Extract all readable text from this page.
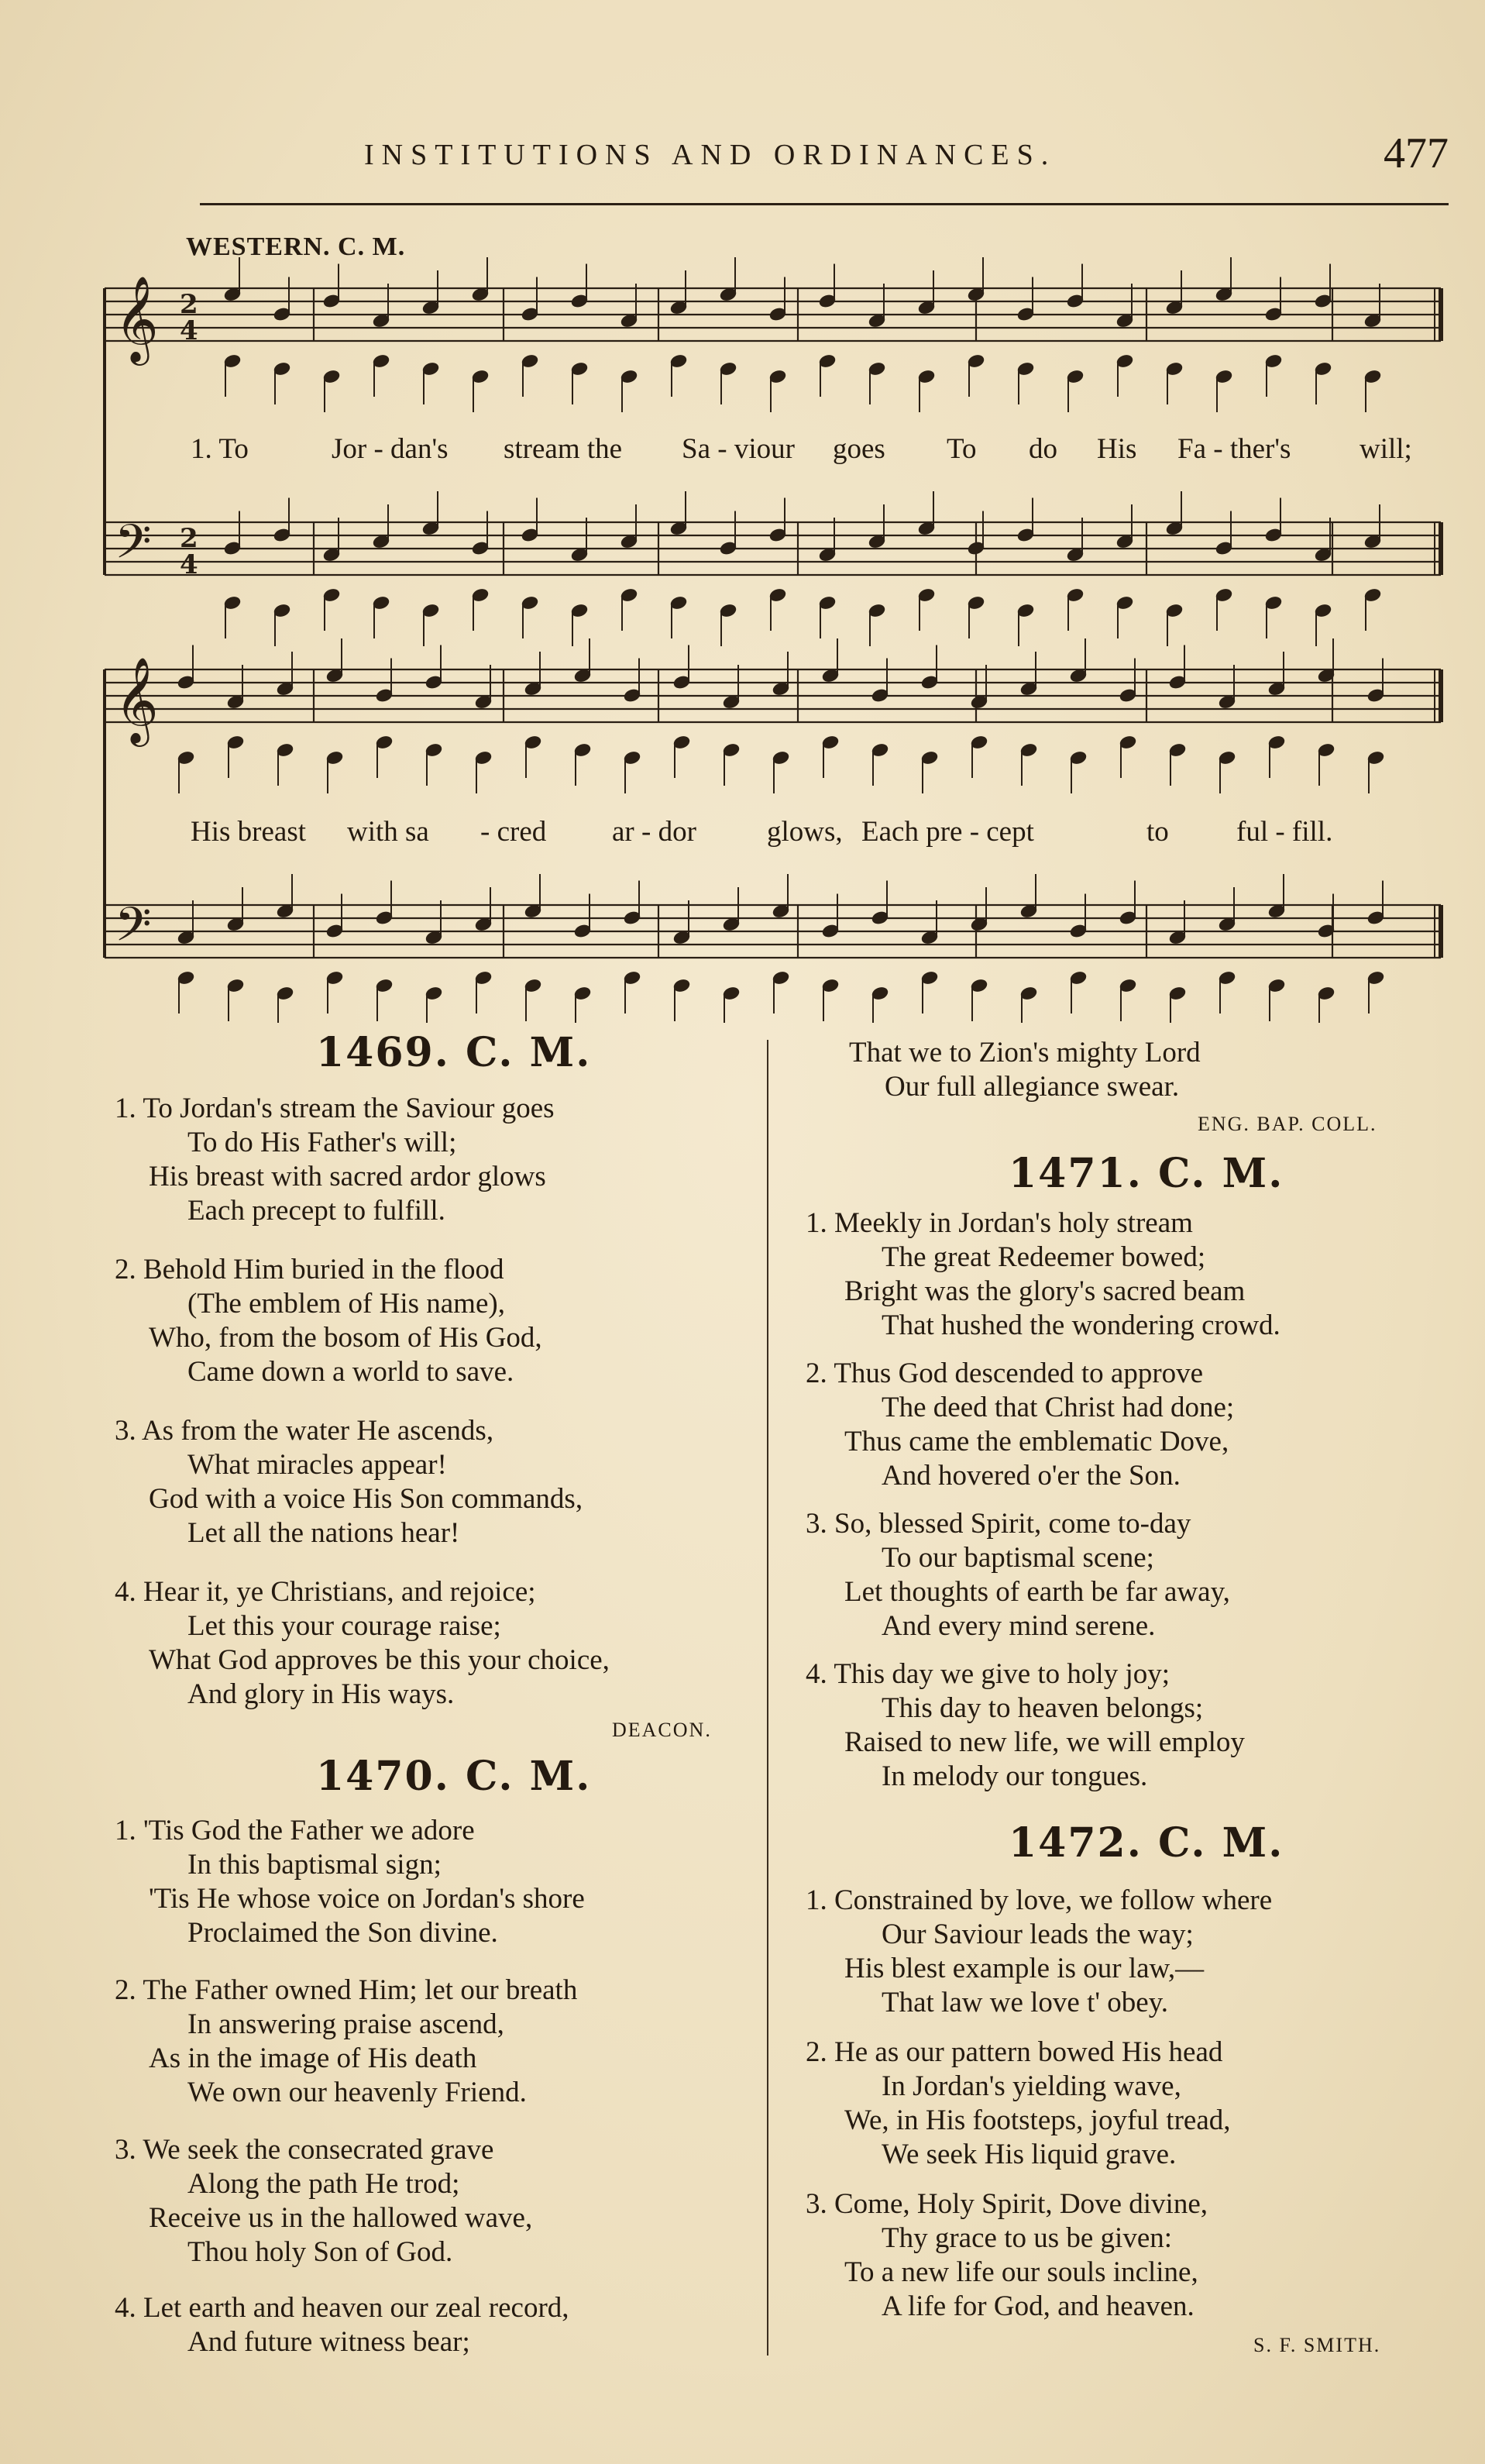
INSTITUTIONS AND ORDINANCES.	477
WESTERN. C. M.
𝄞
𝄞
𝄢
𝄢
2
4
2
4
1. To	Jor - dan's stream the Sa - viour goes To do His Fa - ther's will;
His breast with sa - cred ar - dor glows, Each pre - cept	to ful - fill.
1469. C. M.
1. To Jordan's stream the Saviour goes
To do His Father's will;
His breast with sacred ardor glows
Each precept to fulfill.
2. Behold Him buried in the flood
(The emblem of His name),
Who, from the bosom of His God,
Came down a world to save.
3. As from the water He ascends,
What miracles appear!
God with a voice His Son commands,
Let all the nations hear!
4. Hear it, ye Christians, and rejoice;
Let this your courage raise;
What God approves be this your choice,
And glory in His ways.
DEACON.
1470. C. M.
1. 'Tis God the Father we adore
In this baptismal sign;
'Tis He whose voice on Jordan's shore
Proclaimed the Son divine.
2. The Father owned Him; let our breath
In answering praise ascend,
As in the image of His death
We own our heavenly Friend.
3. We seek the consecrated grave
Along the path He trod;
Receive us in the hallowed wave,
Thou holy Son of God.
4. Let earth and heaven our zeal record,
And future witness bear;
That we to Zion's mighty Lord
Our full allegiance swear.
ENG. BAP. COLL.
1471. C. M.
1. Meekly in Jordan's holy stream
The great Redeemer bowed;
Bright was the glory's sacred beam
That hushed the wondering crowd.
2. Thus God descended to approve
The deed that Christ had done;
Thus came the emblematic Dove,
And hovered o'er the Son.
3. So, blessed Spirit, come to-day
To our baptismal scene;
Let thoughts of earth be far away,
And every mind serene.
4. This day we give to holy joy;
This day to heaven belongs;
Raised to new life, we will employ
In melody our tongues.
1472. C. M.
1. Constrained by love, we follow where
Our Saviour leads the way;
His blest example is our law,—
That law we love t' obey.
2. He as our pattern bowed His head
In Jordan's yielding wave,
We, in His footsteps, joyful tread,
We seek His liquid grave.
3. Come, Holy Spirit, Dove divine,
Thy grace to us be given:
To a new life our souls incline,
A life for God, and heaven.
S. F. SMITH.
